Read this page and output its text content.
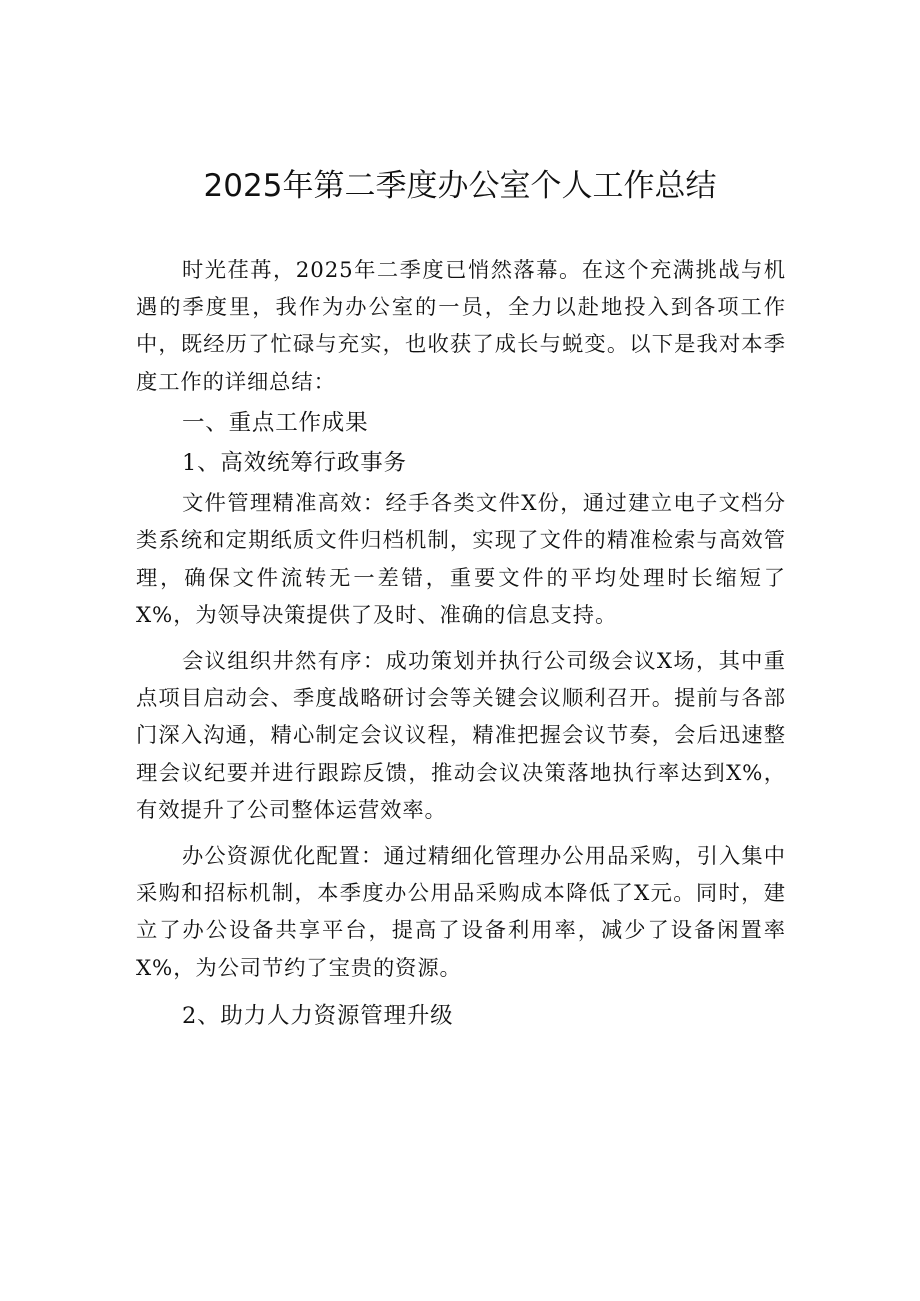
2025年第二季度办公室个人工作总结

时光荏苒，2025年二季度已悄然落幕。在这个充满挑战与机遇的季度里，我作为办公室的一员，全力以赴地投入到各项工作中，既经历了忙碌与充实，也收获了成长与蜕变。以下是我对本季度工作的详细总结：

一、重点工作成果

1、高效统筹行政事务

文件管理精准高效：经手各类文件X份，通过建立电子文档分类系统和定期纸质文件归档机制，实现了文件的精准检索与高效管理，确保文件流转无一差错，重要文件的平均处理时长缩短了X%，为领导决策提供了及时、准确的信息支持。

会议组织井然有序：成功策划并执行公司级会议X场，其中重点项目启动会、季度战略研讨会等关键会议顺利召开。提前与各部门深入沟通，精心制定会议议程，精准把握会议节奏，会后迅速整理会议纪要并进行跟踪反馈，推动会议决策落地执行率达到X%，有效提升了公司整体运营效率。

办公资源优化配置：通过精细化管理办公用品采购，引入集中采购和招标机制，本季度办公用品采购成本降低了X元。同时，建立了办公设备共享平台，提高了设备利用率，减少了设备闲置率X%，为公司节约了宝贵的资源。

2、助力人力资源管理升级
